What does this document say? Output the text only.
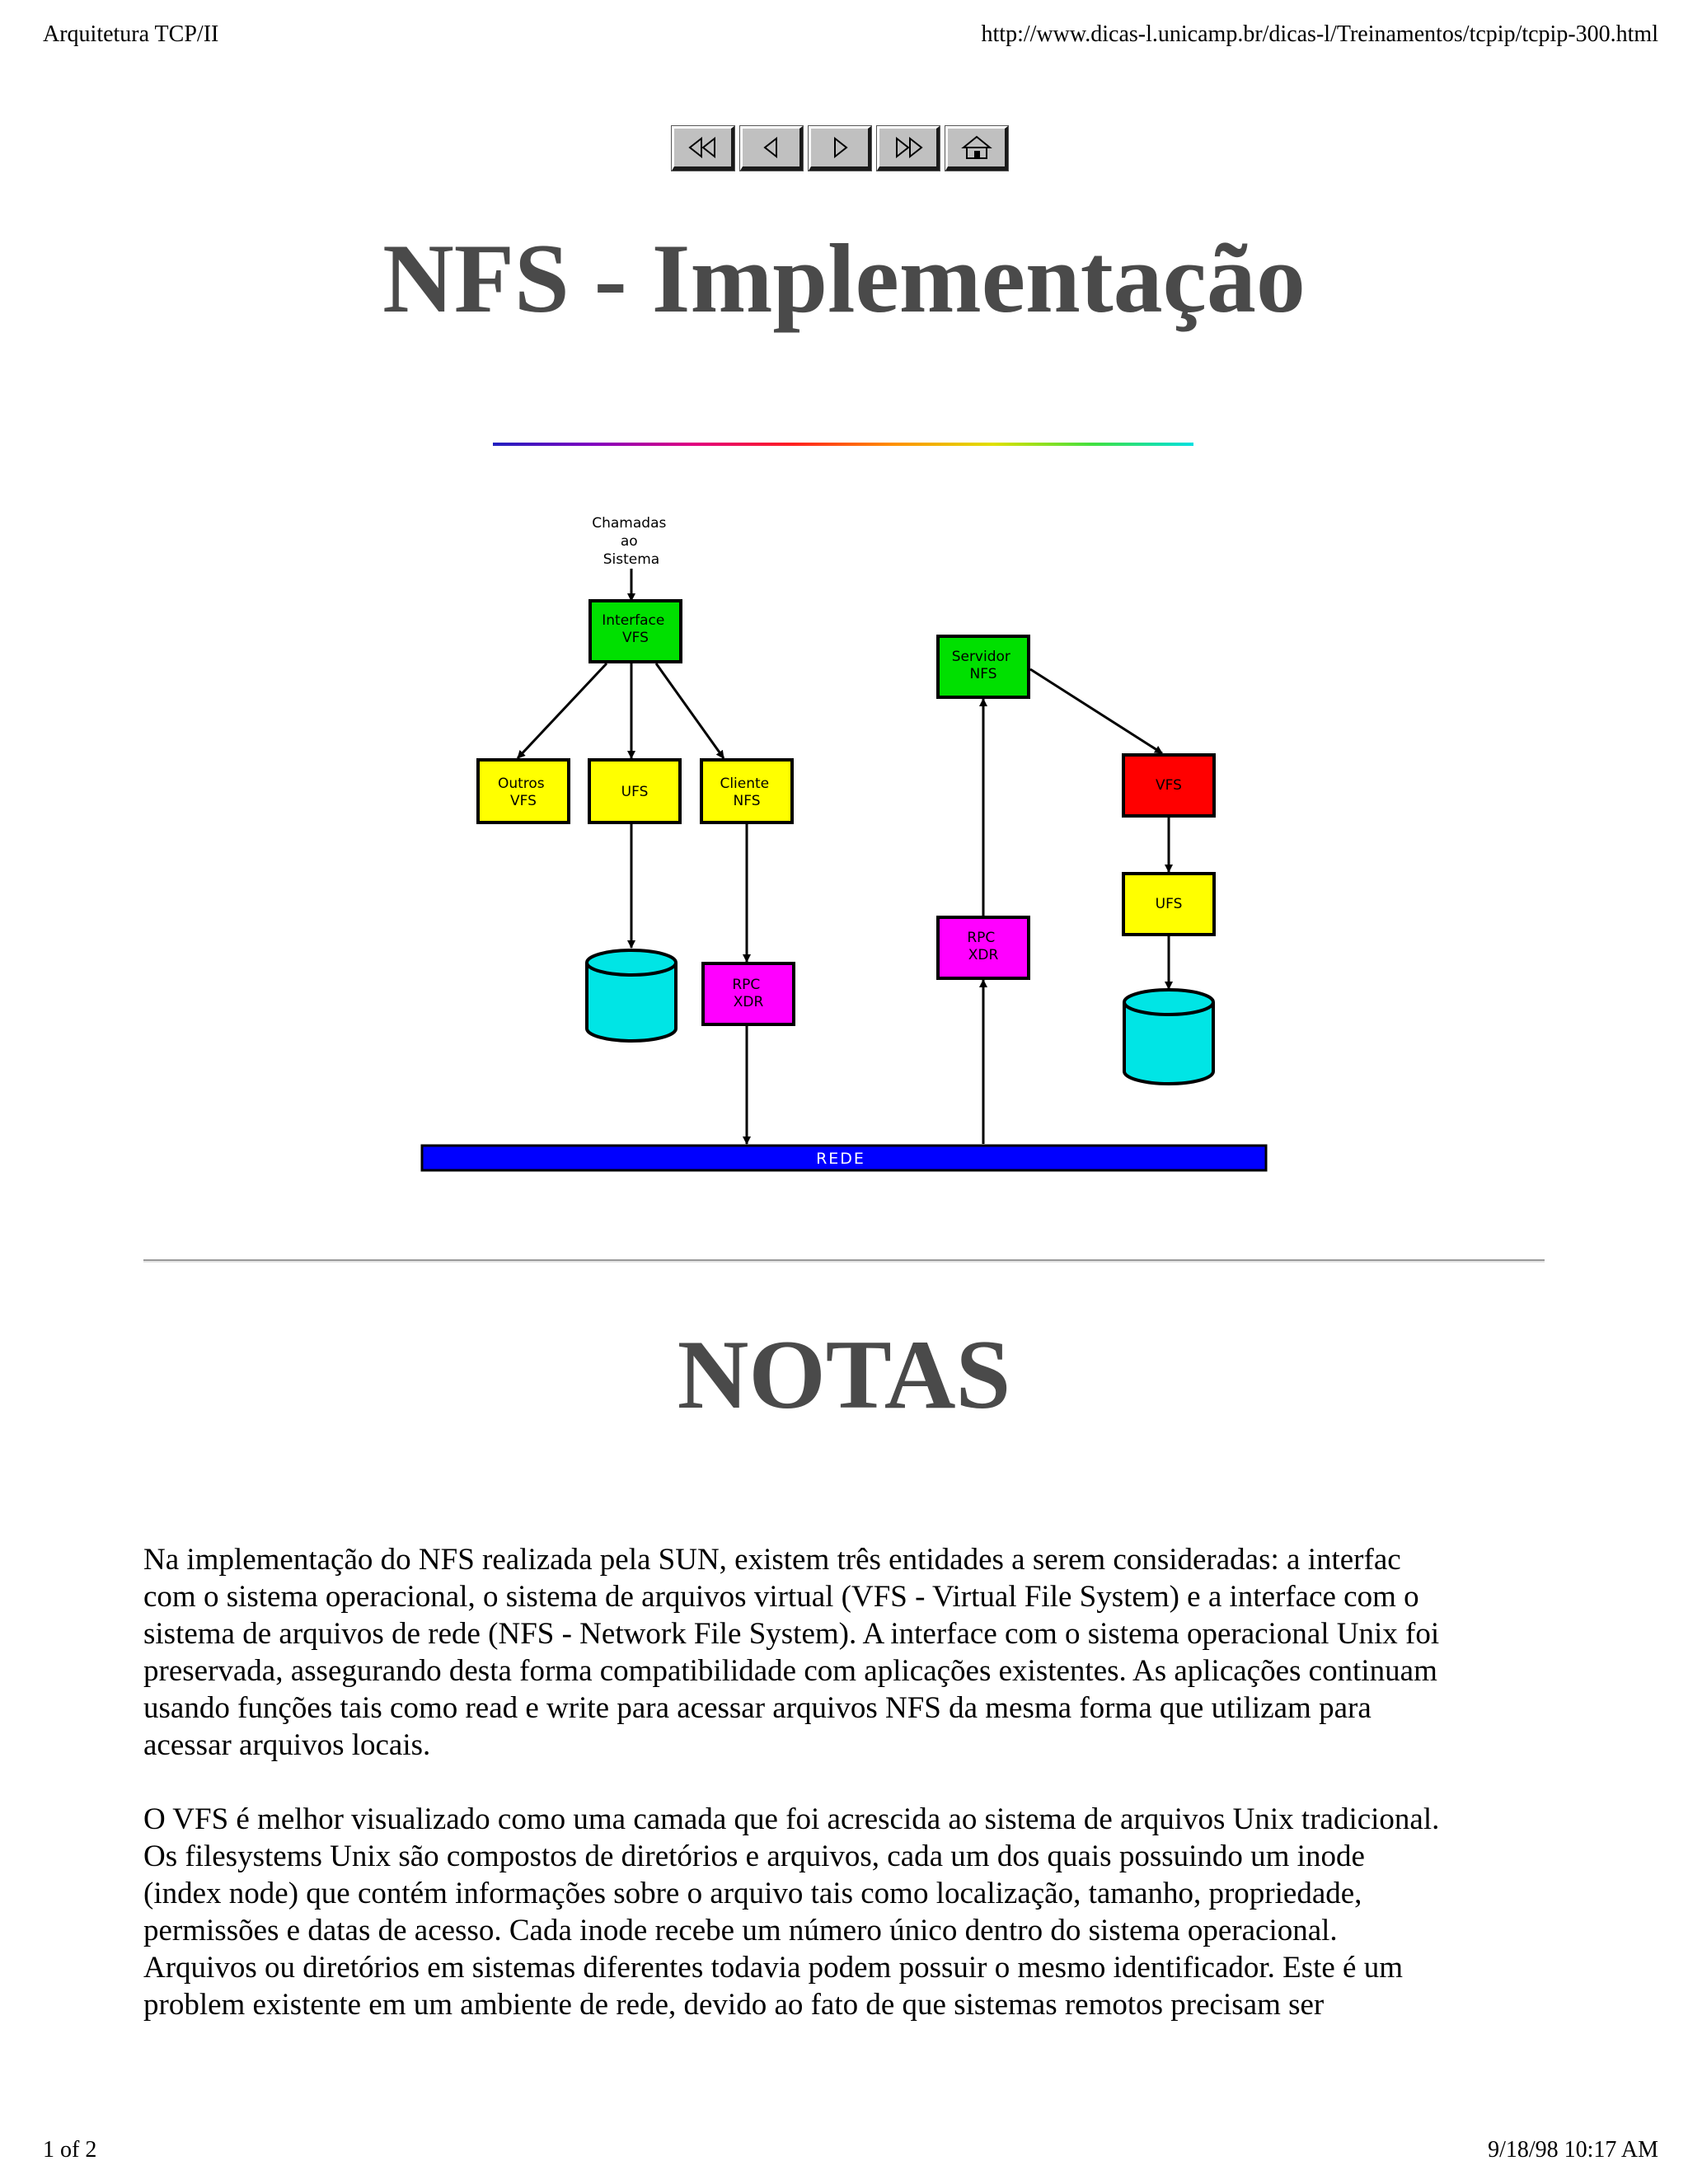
Arquitetura TCP/II	http://www.dicas-l.unicamp.br/dicas-l/Treinamentos/tcpip/tcpip-300.html
NFS - Implementação
Chamadas ao Sistema
Interface VFS
Outros VFS
UFS	Cliente NFS
RPC XDR
Servidor NFS
RPC XDR
VFS
UFS
REDE
NOTAS

Na implementação do NFS realizada pela SUN, existem três entidades a serem consideradas: a interfac
com o sistema operacional, o sistema de arquivos virtual (VFS - Virtual File System) e a interface com o
sistema de arquivos de rede (NFS - Network File System). A interface com o sistema operacional Unix foi
preservada, assegurando desta forma compatibilidade com aplicações existentes. As aplicações continuam
usando funções tais como read e write para acessar arquivos NFS da mesma forma que utilizam para
acessar arquivos locais.

O VFS é melhor visualizado como uma camada que foi acrescida ao sistema de arquivos Unix tradicional.
Os filesystems Unix são compostos de diretórios e arquivos, cada um dos quais possuindo um inode
(index node) que contém informações sobre o arquivo tais como localização, tamanho, propriedade,
permissões e datas de acesso. Cada inode recebe um número único dentro do sistema operacional.
Arquivos ou diretórios em sistemas diferentes todavia podem possuir o mesmo identificador. Este é um
problem existente em um ambiente de rede, devido ao fato de que sistemas remotos precisam ser

1 of 2	9/18/98 10:17 AM
